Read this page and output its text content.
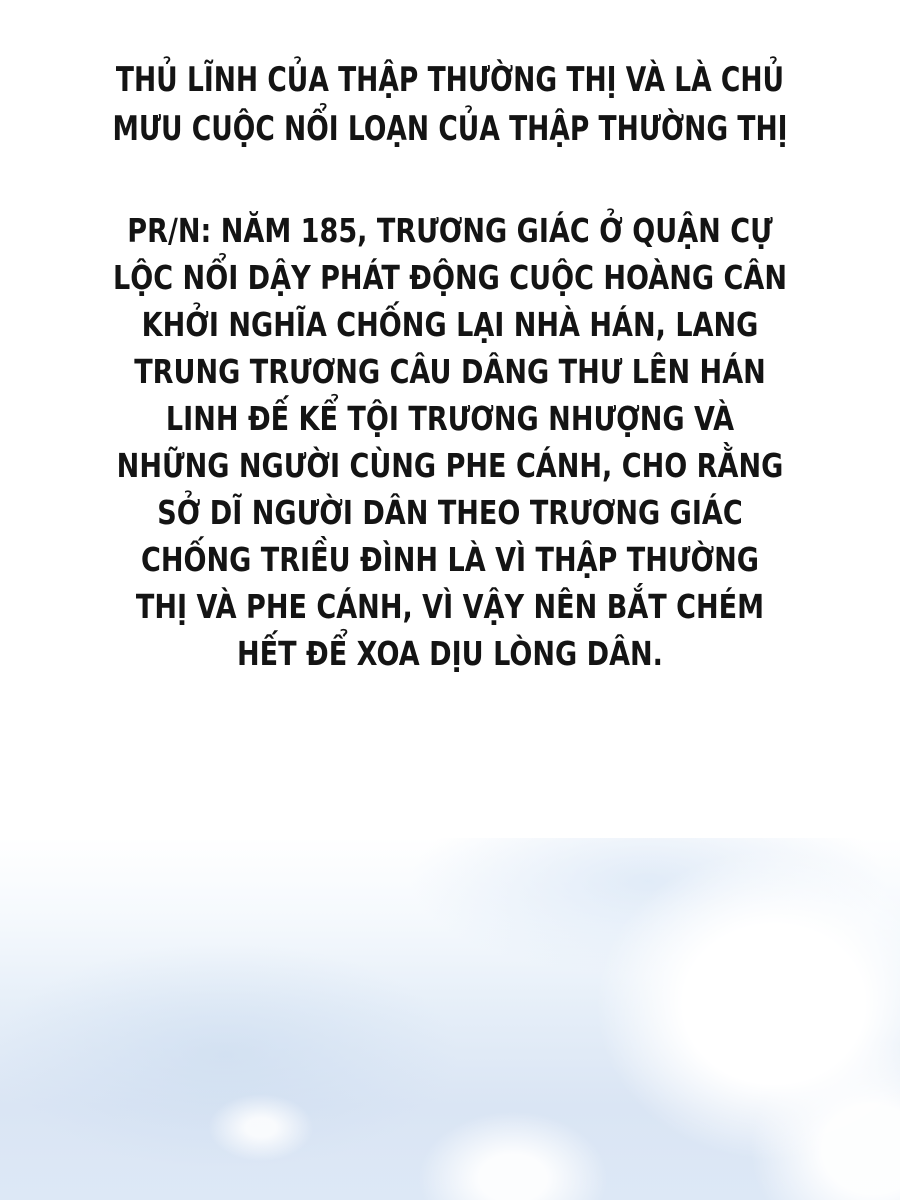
THỦ LĨNH CỦA THẬP THƯỜNG THỊ VÀ LÀ CHỦ
MƯU CUỘC NỔI LOẠN CỦA THẬP THƯỜNG THỊ
PR/N: NĂM 185, TRƯƠNG GIÁC Ở QUẬN CỰ
LỘC NỔI DẬY PHÁT ĐỘNG CUỘC HOÀNG CÂN
KHỞI NGHĨA CHỐNG LẠI NHÀ HÁN, LANG
TRUNG TRƯƠNG CÂU DÂNG THƯ LÊN HÁN
LINH ĐẾ KỂ TỘI TRƯƠNG NHƯỢNG VÀ
NHỮNG NGƯỜI CÙNG PHE CÁNH, CHO RẰNG
SỞ DĨ NGƯỜI DÂN THEO TRƯƠNG GIÁC
CHỐNG TRIỀU ĐÌNH LÀ VÌ THẬP THƯỜNG
THỊ VÀ PHE CÁNH, VÌ VẬY NÊN BẮT CHÉM
HẾT ĐỂ XOA DỊU LÒNG DÂN.
